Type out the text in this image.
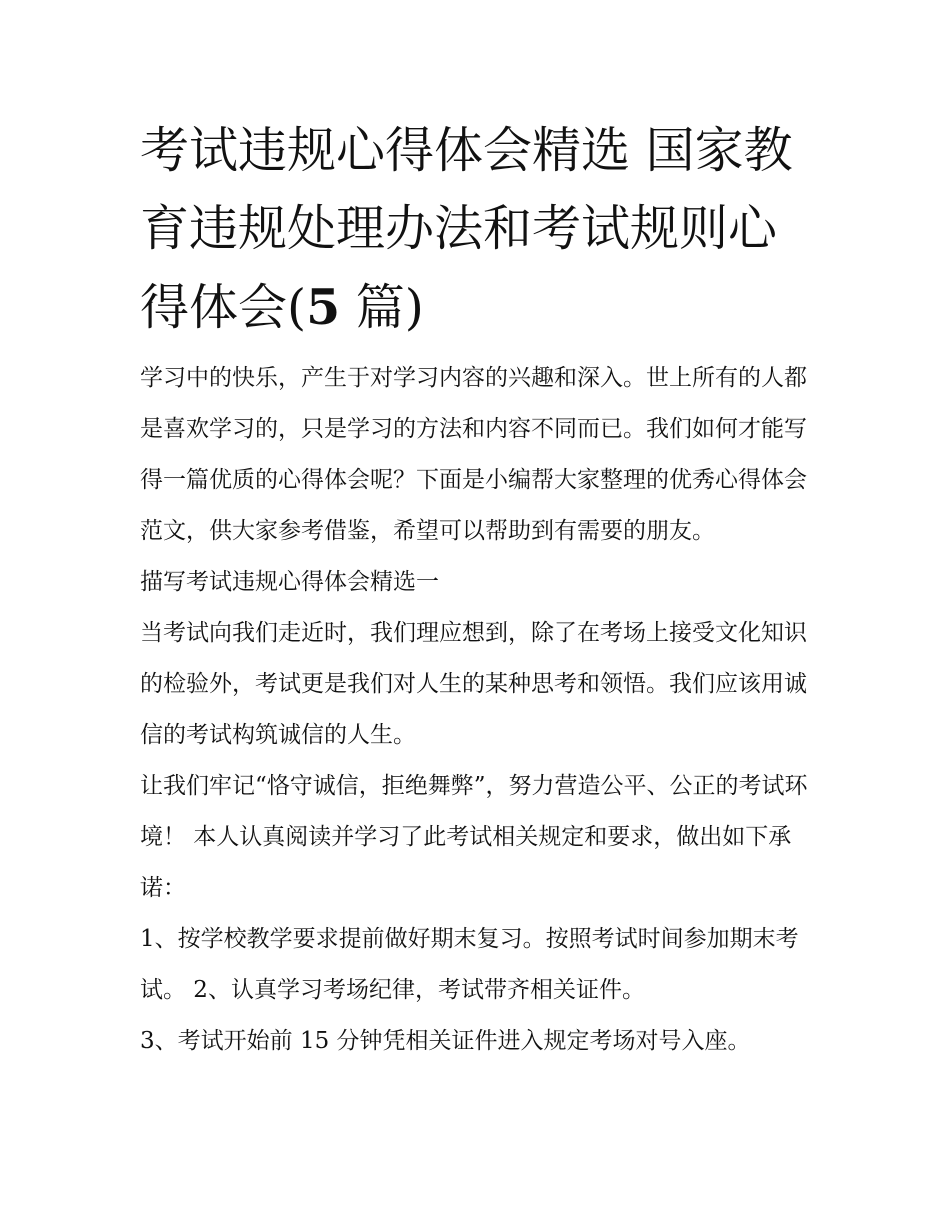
考试违规心得体会精选 国家教育违规处理办法和考试规则心得体会(5 篇)

学习中的快乐，产生于对学习内容的兴趣和深入。世上所有的人都是喜欢学习的，只是学习的方法和内容不同而已。我们如何才能写得一篇优质的心得体会呢？下面是小编帮大家整理的优秀心得体会范文，供大家参考借鉴，希望可以帮助到有需要的朋友。

描写考试违规心得体会精选一

当考试向我们走近时，我们理应想到，除了在考场上接受文化知识的检验外，考试更是我们对人生的某种思考和领悟。我们应该用诚信的考试构筑诚信的人生。

让我们牢记“恪守诚信，拒绝舞弊”，努力营造公平、公正的考试环境！ 本人认真阅读并学习了此考试相关规定和要求，做出如下承诺：

1、按学校教学要求提前做好期末复习。按照考试时间参加期末考试。 2、认真学习考场纪律，考试带齐相关证件。

3、考试开始前 15 分钟凭相关证件进入规定考场对号入座。
